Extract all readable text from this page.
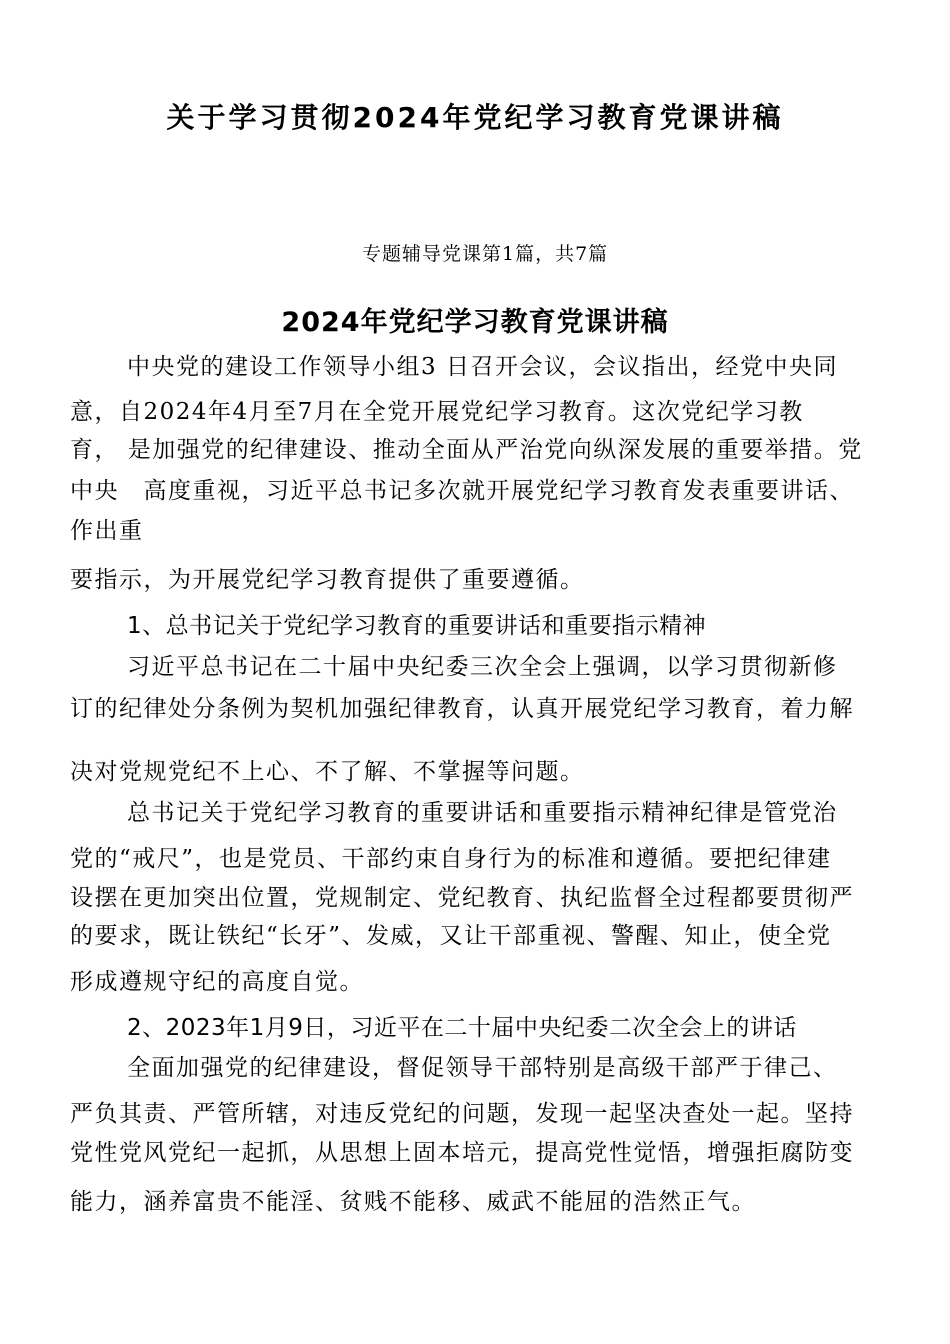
关于学习贯彻2024年党纪学习教育党课讲稿
专题辅导党课第1篇，共7篇
2024年党纪学习教育党课讲稿
中央党的建设工作领导小组3 日召开会议，会议指出，经党中央同
意，自2024年4月至7月在全党开展党纪学习教育。这次党纪学习教
育， 是加强党的纪律建设、推动全面从严治党向纵深发展的重要举措。党
中央　高度重视，习近平总书记多次就开展党纪学习教育发表重要讲话、
作出重
要指示，为开展党纪学习教育提供了重要遵循。
1、总书记关于党纪学习教育的重要讲话和重要指示精神
习近平总书记在二十届中央纪委三次全会上强调，以学习贯彻新修
订的纪律处分条例为契机加强纪律教育，认真开展党纪学习教育，着力解
决对党规党纪不上心、不了解、不掌握等问题。
总书记关于党纪学习教育的重要讲话和重要指示精神纪律是管党治
党的“戒尺”，也是党员、干部约束自身行为的标准和遵循。要把纪律建
设摆在更加突出位置，党规制定、党纪教育、执纪监督全过程都要贯彻严
的要求，既让铁纪“长牙”、发威，又让干部重视、警醒、知止，使全党
形成遵规守纪的高度自觉。
2、2023年1月9日，习近平在二十届中央纪委二次全会上的讲话
全面加强党的纪律建设，督促领导干部特别是高级干部严于律己、
严负其责、严管所辖，对违反党纪的问题，发现一起坚决查处一起。坚持
党性党风党纪一起抓，从思想上固本培元，提高党性觉悟，增强拒腐防变
能力，涵养富贵不能淫、贫贱不能移、威武不能屈的浩然正气。
